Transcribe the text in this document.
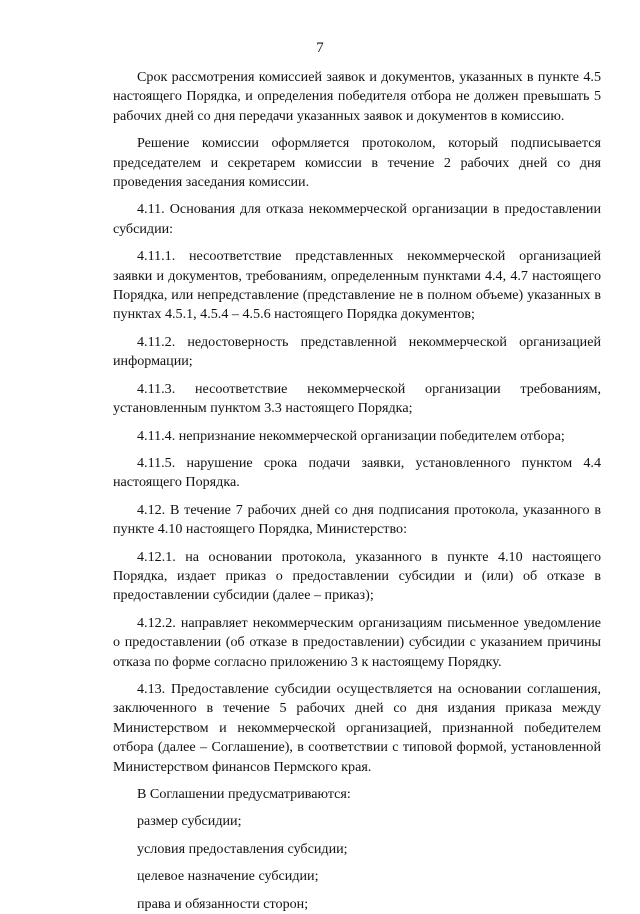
7

Срок рассмотрения комиссией заявок и документов, указанных в пункте 4.5 настоящего Порядка, и определения победителя отбора не должен превышать 5 рабочих дней со дня передачи указанных заявок и документов в комиссию.

Решение комиссии оформляется протоколом, который подписывается председателем и секретарем комиссии в течение 2 рабочих дней со дня проведения заседания комиссии.

4.11. Основания для отказа некоммерческой организации в предоставлении субсидии:

4.11.1. несоответствие представленных некоммерческой организацией заявки и документов, требованиям, определенным пунктами 4.4, 4.7 настоящего Порядка, или непредставление (представление не в полном объеме) указанных в пунктах 4.5.1, 4.5.4 – 4.5.6 настоящего Порядка документов;

4.11.2. недостоверность представленной некоммерческой организацией информации;

4.11.3. несоответствие некоммерческой организации требованиям, установленным пунктом 3.3 настоящего Порядка;

4.11.4. непризнание некоммерческой организации победителем отбора;

4.11.5. нарушение срока подачи заявки, установленного пунктом 4.4 настоящего Порядка.

4.12. В течение 7 рабочих дней со дня подписания протокола, указанного в пункте 4.10 настоящего Порядка, Министерство:

4.12.1. на основании протокола, указанного в пункте 4.10 настоящего Порядка, издает приказ о предоставлении субсидии и (или) об отказе в предоставлении субсидии (далее – приказ);

4.12.2. направляет некоммерческим организациям письменное уведомление о предоставлении (об отказе в предоставлении) субсидии с указанием причины отказа по форме согласно приложению 3 к настоящему Порядку.

4.13. Предоставление субсидии осуществляется на основании соглашения, заключенного в течение 5 рабочих дней со дня издания приказа между Министерством и некоммерческой организацией, признанной победителем отбора (далее – Соглашение), в соответствии с типовой формой, установленной Министерством финансов Пермского края.

В Соглашении предусматриваются:

размер субсидии;

условия предоставления субсидии;

целевое назначение субсидии;

права и обязанности сторон;
